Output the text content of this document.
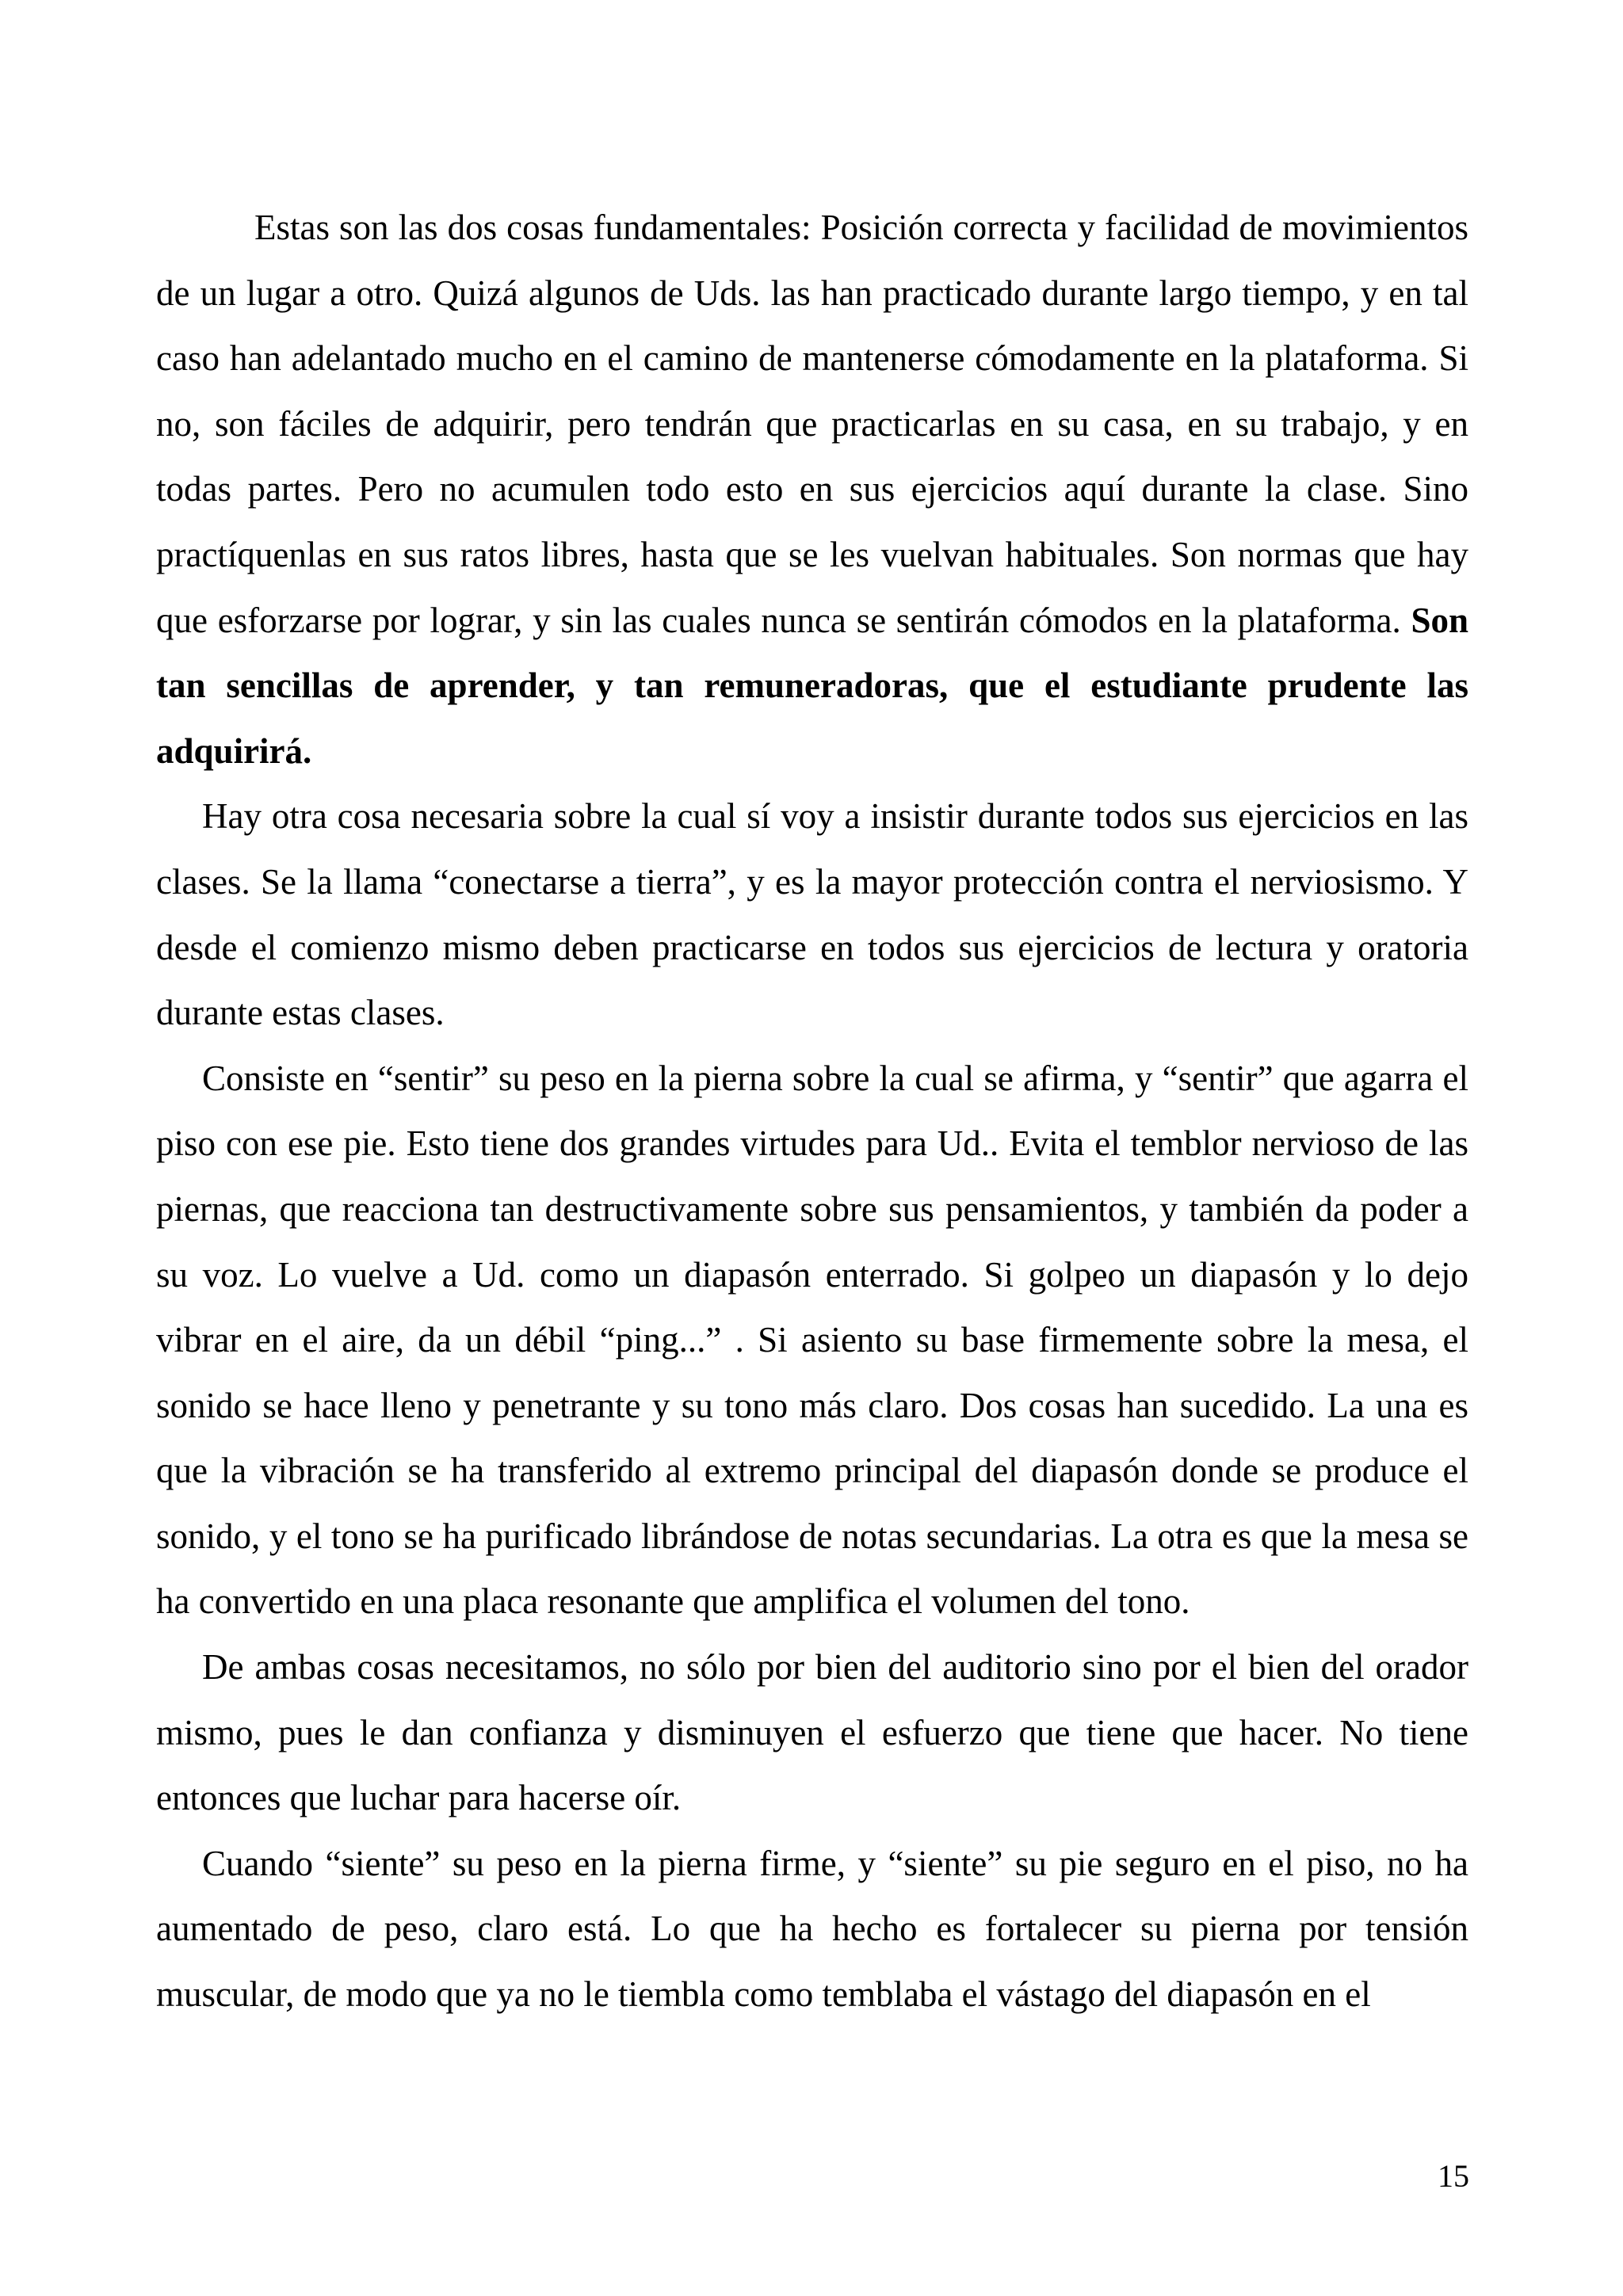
Estas son las dos cosas fundamentales: Posición correcta y facilidad de movimientos de un lugar a otro. Quizá algunos de Uds. las han practicado durante largo tiempo, y en tal caso han adelantado mucho en el camino de mantenerse cómodamente en la plataforma. Si no, son fáciles de adquirir, pero tendrán que practicarlas en su casa, en su trabajo, y en todas partes. Pero no acumulen todo esto en sus ejercicios aquí durante la clase. Sino practíquenlas en sus ratos libres, hasta que se les vuelvan habituales. Son normas que hay que esforzarse por lograr, y sin las cuales nunca se sentirán cómodos en la plataforma. Son tan sencillas de aprender, y tan remuneradoras, que el estudiante prudente las adquirirá.

Hay otra cosa necesaria sobre la cual sí voy a insistir durante todos sus ejercicios en las clases. Se la llama “conectarse a tierra”, y es la mayor protección contra el nerviosismo. Y desde el comienzo mismo deben practicarse en todos sus ejercicios de lectura y oratoria durante estas clases.

Consiste en “sentir” su peso en la pierna sobre la cual se afirma, y “sentir” que agarra el piso con ese pie. Esto tiene dos grandes virtudes para Ud.. Evita el temblor nervioso de las piernas, que reacciona tan destructivamente sobre sus pensamientos, y también da poder a su voz. Lo vuelve a Ud. como un diapasón enterrado. Si golpeo un diapasón y lo dejo vibrar en el aire, da un débil “ping...” . Si asiento su base firmemente sobre la mesa, el sonido se hace lleno y penetrante y su tono más claro. Dos cosas han sucedido. La una es que la vibración se ha transferido al extremo principal del diapasón donde se produce el sonido, y el tono se ha purificado librándose de notas secundarias. La otra es que la mesa se ha convertido en una placa resonante que amplifica el volumen del tono.

De ambas cosas necesitamos, no sólo por bien del auditorio sino por el bien del orador mismo, pues le dan confianza y disminuyen el esfuerzo que tiene que hacer. No tiene entonces que luchar para hacerse oír.

Cuando “siente” su peso en la pierna firme, y “siente” su pie seguro en el piso, no ha aumentado de peso, claro está. Lo que ha hecho es fortalecer su pierna por tensión muscular, de modo que ya no le tiembla como temblaba el vástago del diapasón en el

15
